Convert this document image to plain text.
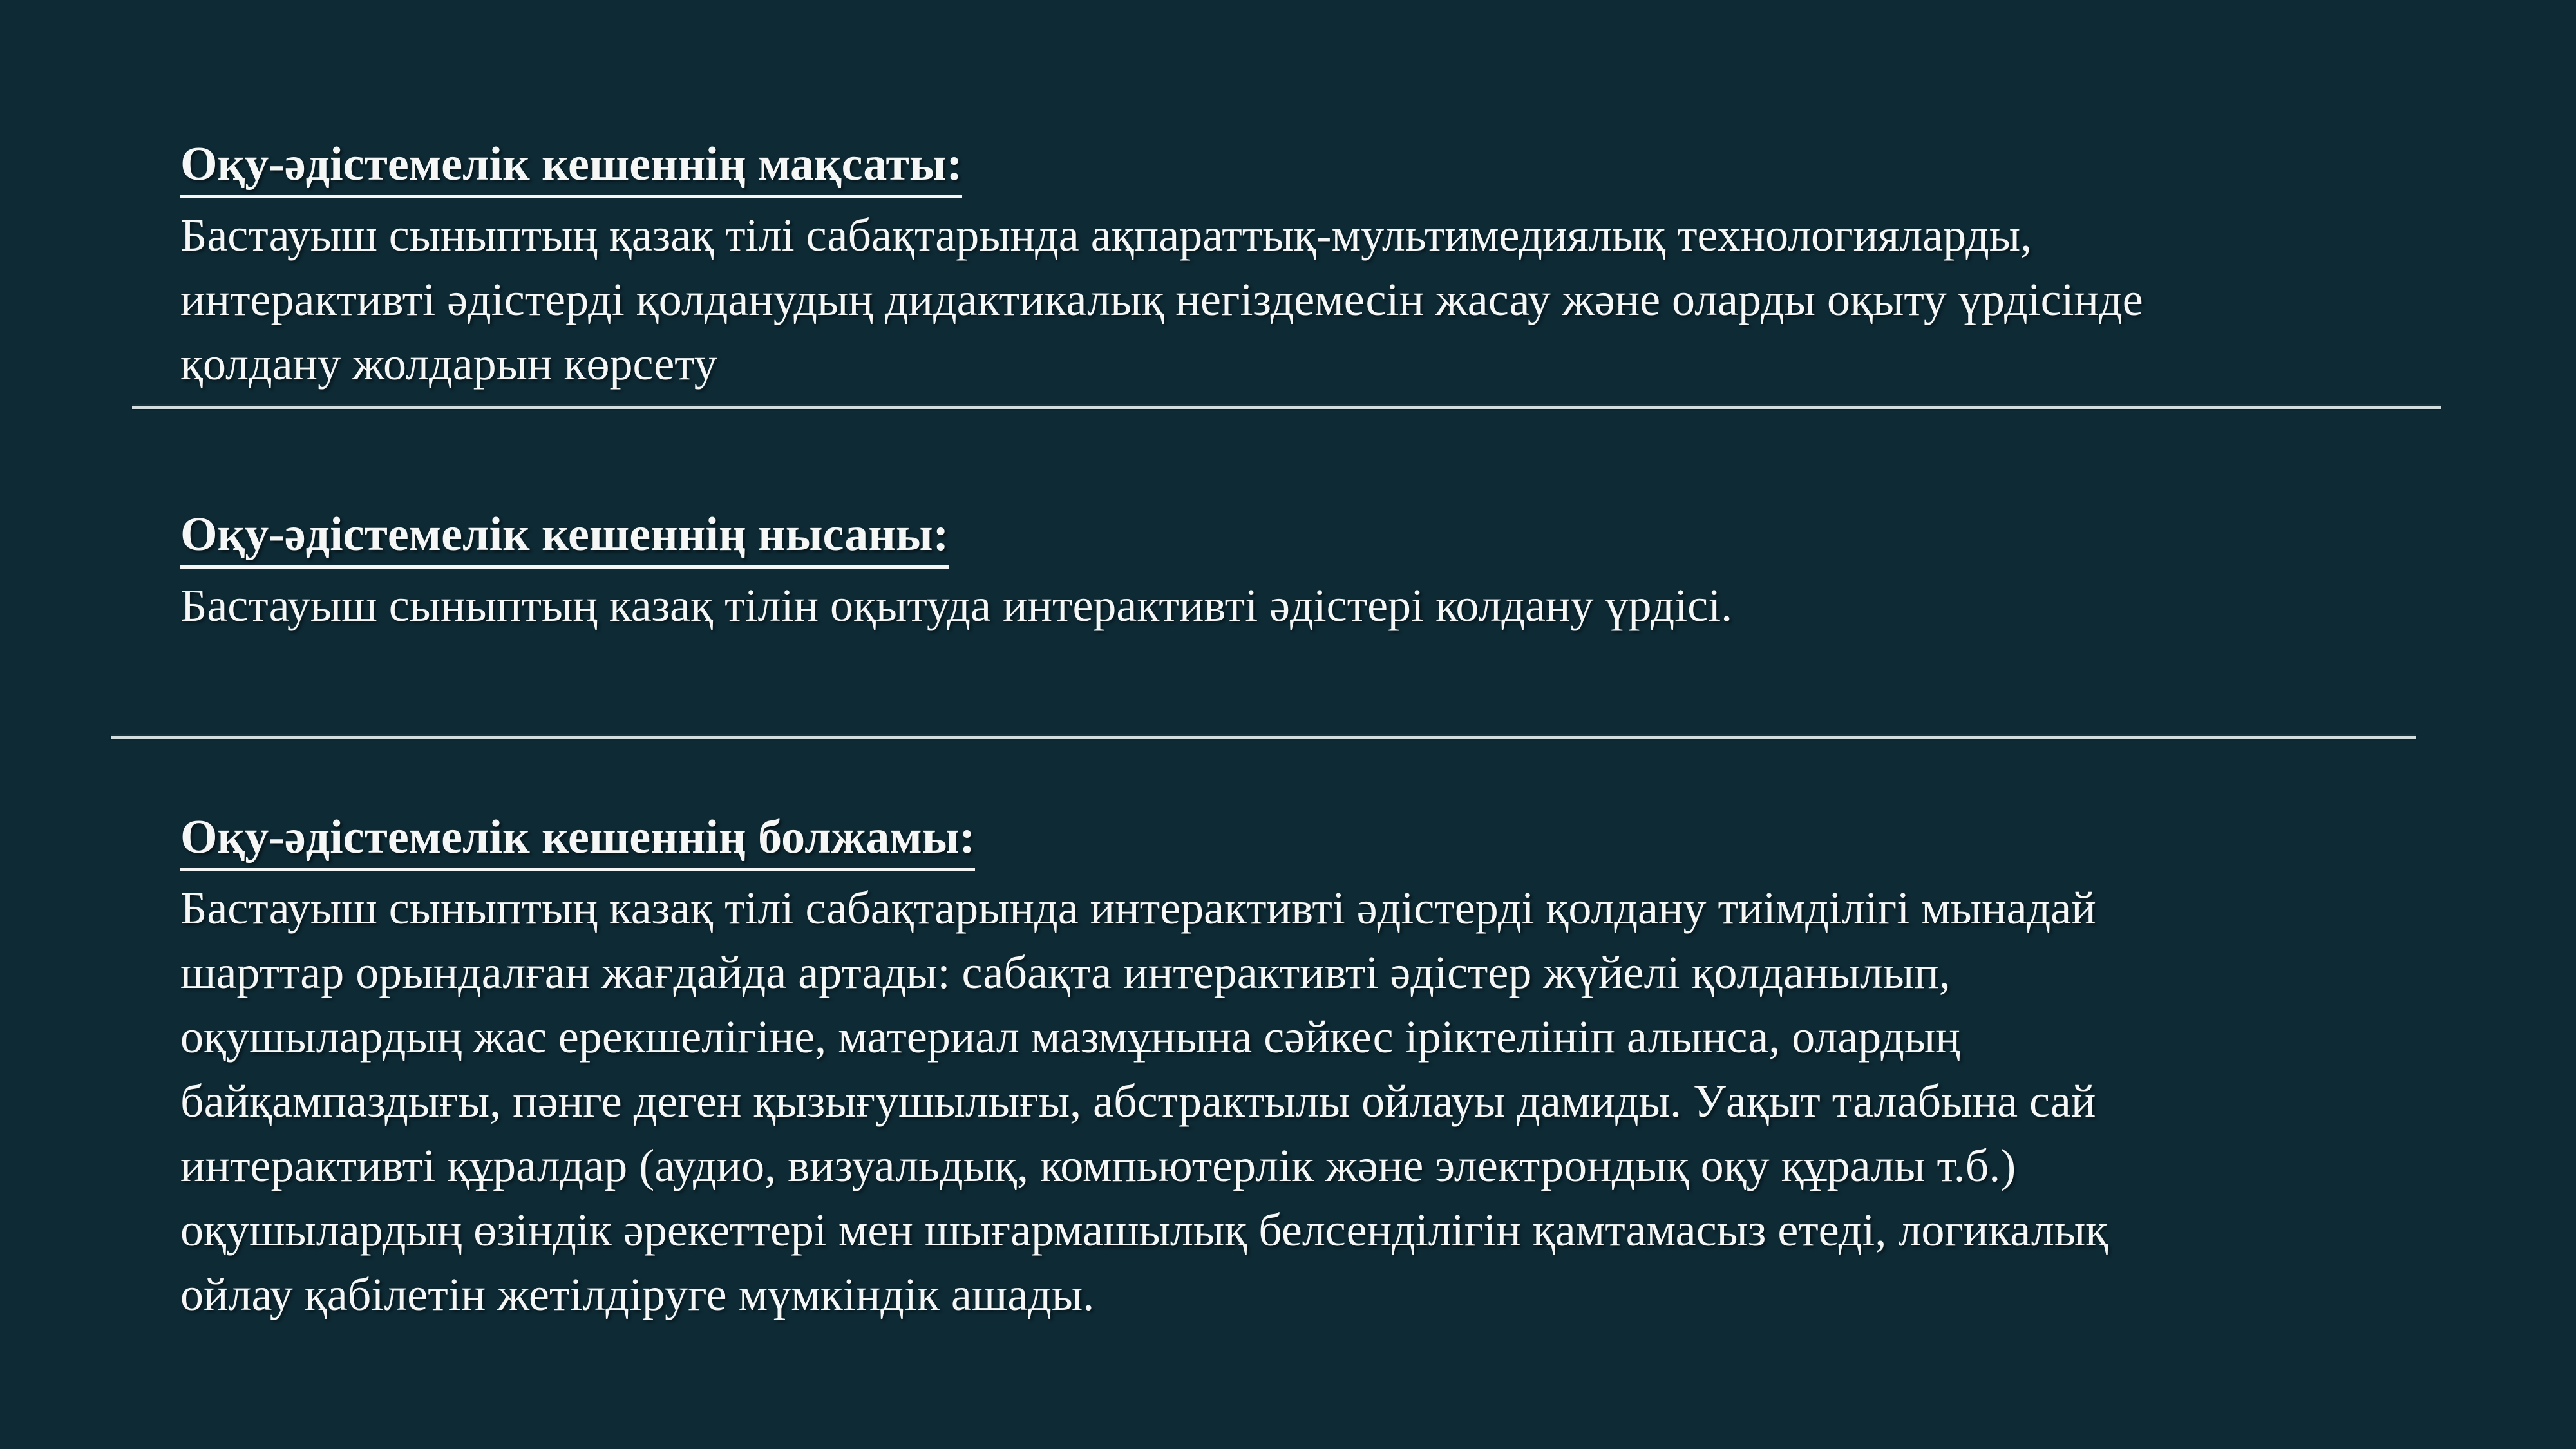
Оқу-әдістемелік кешеннің мақсаты:
Бастауыш сыныптың қазақ тілі сабақтарында ақпараттық-мультимедиялық технологияларды,
интерактивті әдістерді қолданудың дидактикалық негіздемесін жасау және оларды оқыту үрдісінде
қолдану жолдарын көрсету
Оқу-әдістемелік кешеннің нысаны:
Бастауыш сыныптың казақ тілін оқытуда интерактивті әдістері колдану үрдісі.
Оқу-әдістемелік кешеннің болжамы:
Бастауыш сыныптың казақ тілі сабақтарында интерактивті әдістерді қолдану тиімділігі мынадай
шарттар орындалған жағдайда артады: сабақта интерактивті әдістер жүйелі қолданылып,
оқушылардың жас ерекшелігіне, материал мазмұнына сәйкес іріктелініп алынса, олардың
байқампаздығы, пәнге деген қызығушылығы, абстрактылы ойлауы дамиды. Уақыт талабына сай
интерактивті құралдар (аудио, визуальдық, компьютерлік және электрондық оқу құралы т.б.)
оқушылардың өзіндік әрекеттері мен шығармашылық белсенділігін қамтамасыз етеді, логикалық
ойлау қабілетін жетілдіруге мүмкіндік ашады.
